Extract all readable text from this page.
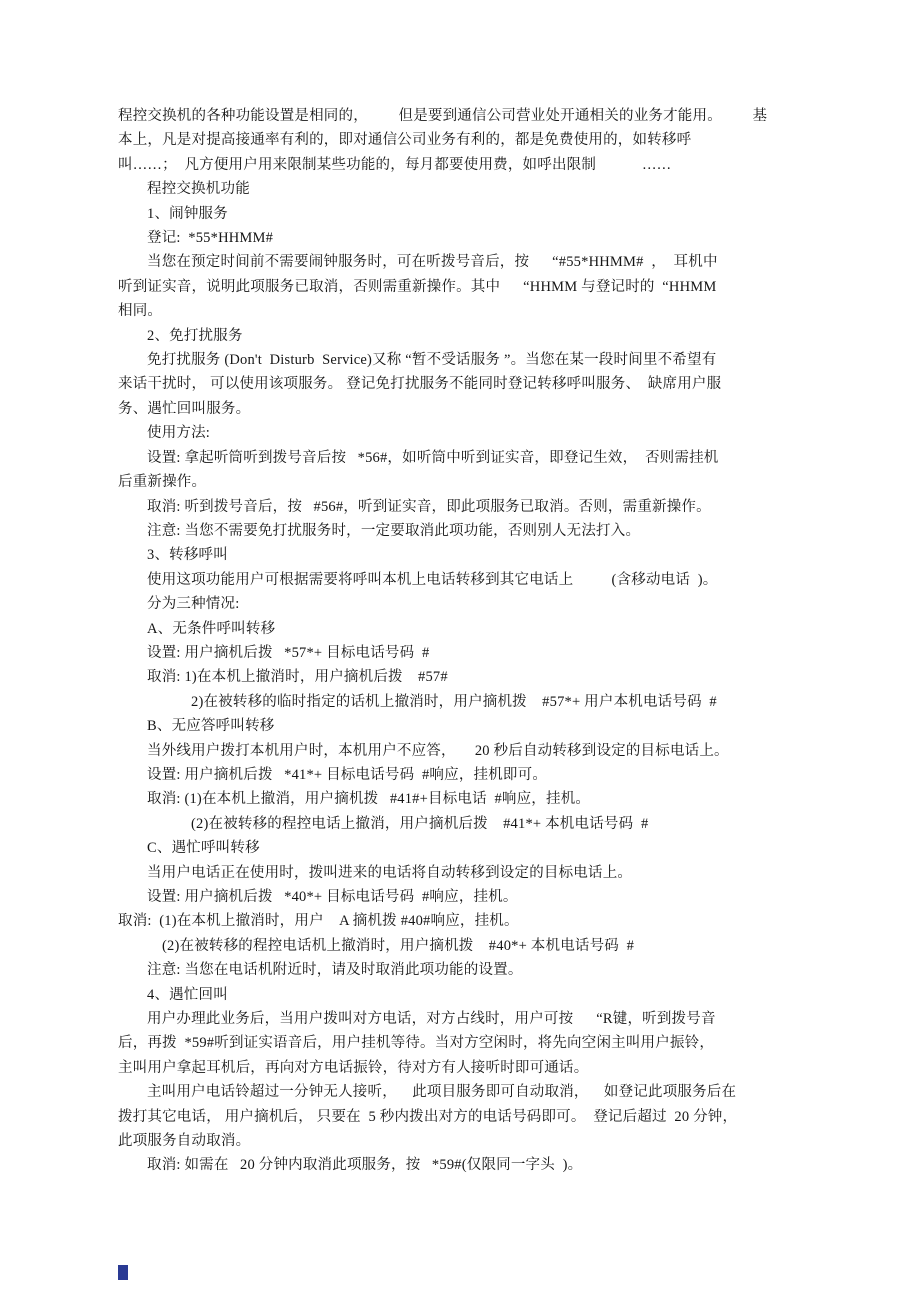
程控交换机的各种功能设置是相同的，        但是要到通信公司营业处开通相关的业务才能用。        基
本上，凡是对提高接通率有利的，即对通信公司业务有利的，都是免费使用的，如转移呼
叫……；  凡方便用户用来限制某些功能的，每月都要使用费，如呼出限制            ……
程控交换机功能
1、闹钟服务
登记:  *55*HHMM#
当您在预定时间前不需要闹钟服务时，可在听拨号音后，按      “#55*HHMM#  ，  耳机中
听到证实音，说明此项服务已取消，否则需重新操作。其中      “HHMM 与登记时的  “HHMM
相同。
2、免打扰服务
免打扰服务 (Don't  Disturb  Service)又称 “暂不受话服务 ”。当您在某一段时间里不希望有
来话干扰时， 可以使用该项服务。 登记免打扰服务不能同时登记转移呼叫服务、  缺席用户服
务、遇忙回叫服务。
使用方法:
设置: 拿起听筒听到拨号音后按   *56#，如听筒中听到证实音，即登记生效，  否则需挂机
后重新操作。
取消: 听到拨号音后，按   #56#，听到证实音，即此项服务已取消。否则，需重新操作。
注意: 当您不需要免打扰服务时，一定要取消此项功能，否则别人无法打入。
3、转移呼叫
使用这项功能用户可根据需要将呼叫本机上电话转移到其它电话上          (含移动电话  )。
分为三种情况:
A、无条件呼叫转移
设置: 用户摘机后拨   *57*+ 目标电话号码  #
取消: 1)在本机上撤消时，用户摘机后拨    #57#
2)在被转移的临时指定的话机上撤消时，用户摘机拨    #57*+ 用户本机电话号码  #
B、无应答呼叫转移
当外线用户拨打本机用户时，本机用户不应答，     20 秒后自动转移到设定的目标电话上。
设置: 用户摘机后拨   *41*+ 目标电话号码  #响应，挂机即可。
取消: (1)在本机上撤消，用户摘机拨   #41#+目标电话  #响应，挂机。
(2)在被转移的程控电话上撤消，用户摘机后拨    #41*+ 本机电话号码  #
C、遇忙呼叫转移
当用户电话正在使用时，拨叫进来的电话将自动转移到设定的目标电话上。
设置: 用户摘机后拨   *40*+ 目标电话号码  #响应，挂机。
取消:  (1)在本机上撤消时，用户    A 摘机拨 #40#响应，挂机。
(2)在被转移的程控电话机上撤消时，用户摘机拨    #40*+ 本机电话号码  #
注意: 当您在电话机附近时，请及时取消此项功能的设置。
4、遇忙回叫
用户办理此业务后，当用户拨叫对方电话，对方占线时，用户可按      “R键，听到拨号音
后，再拨  *59#听到证实语音后，用户挂机等待。当对方空闲时，将先向空闲主叫用户振铃，
主叫用户拿起耳机后，再向对方电话振铃，待对方有人接听时即可通话。
主叫用户电话铃超过一分钟无人接听，    此项目服务即可自动取消，    如登记此项服务后在
拨打其它电话， 用户摘机后， 只要在  5 秒内拨出对方的电话号码即可。  登记后超过  20 分钟，
此项服务自动取消。
取消: 如需在   20 分钟内取消此项服务，按   *59#(仅限同一字头  )。
